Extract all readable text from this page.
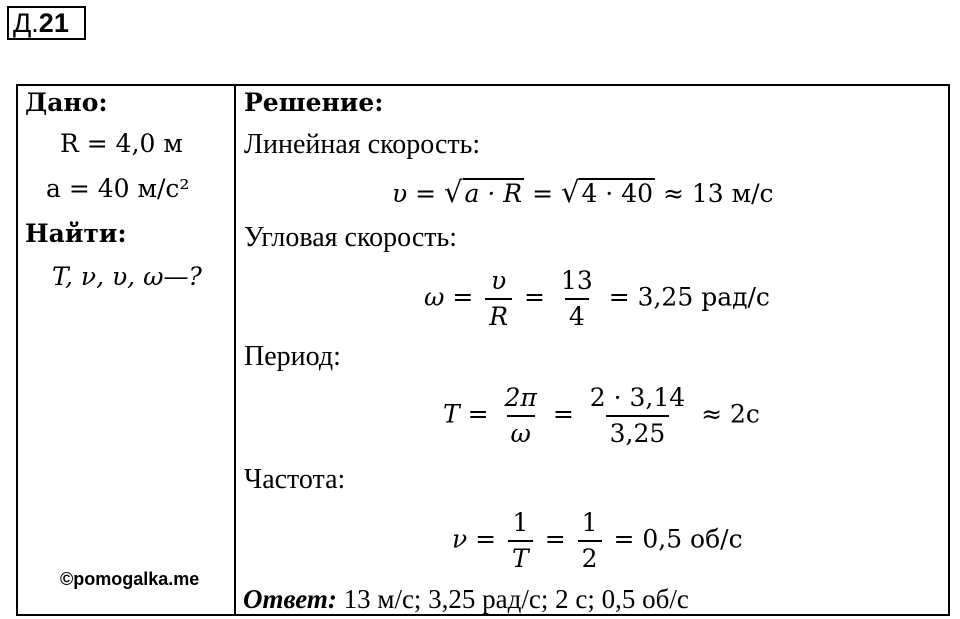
Д.21
Дано:
R = 4,0 м
a = 40 м/с²
Найти:
T, ν, υ, ω—?
Решение:
Линейная скорость:
υ = √a · R = √4 · 40 ≈ 13 м/с
Угловая скорость:
$\omega = \frac{\upsilon}{R} = \frac{13}{4} = 3,25$ рад/с
Период:
$T = \frac{2\pi}{\omega} = \frac{2 \cdot 3,14}{3,25} \approx 2с$
Частота:
$\nu = \frac{1}{T} = \frac{1}{2} = 0,5$ об/с
Ответ: 13 м/с; 3,25 рад/с; 2 с; 0,5 об/с
©pomogalka.me
